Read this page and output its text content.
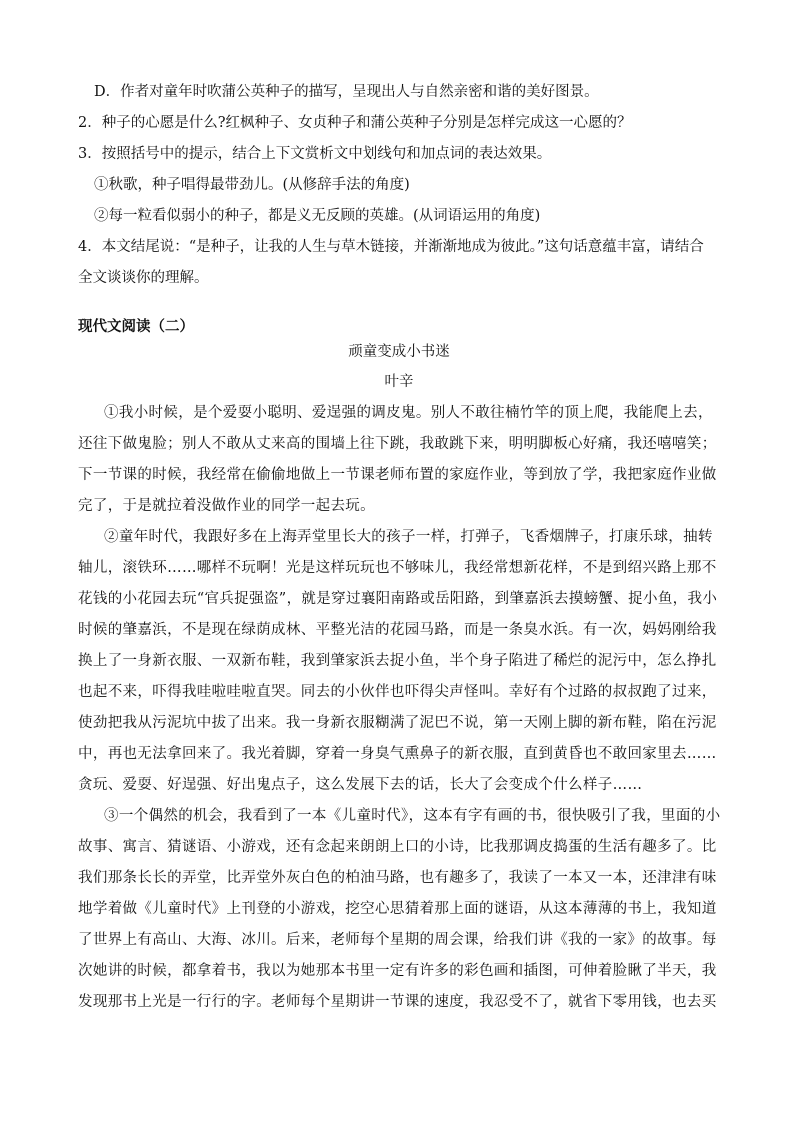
D．作者对童年时吹蒲公英种子的描写，呈现出人与自然亲密和谐的美好图景。
2．种子的心愿是什么?红枫种子、女贞种子和蒲公英种子分别是怎样完成这一心愿的？
3．按照括号中的提示，结合上下文赏析文中划线句和加点词的表达效果。
①秋歌，种子唱得最带劲儿。(从修辞手法的角度)
②每一粒看似弱小的种子，都是义无反顾的英雄。(从词语运用的角度)
4．本文结尾说：“是种子，让我的人生与草木链接，并渐渐地成为彼此。”这句话意蕴丰富，请结合
全文谈谈你的理解。
现代文阅读（二）
顽童变成小书迷
叶辛
①我小时候，是个爱耍小聪明、爱逞强的调皮鬼。别人不敢往楠竹竿的顶上爬，我能爬上去，
还往下做鬼脸；别人不敢从丈来高的围墙上往下跳，我敢跳下来，明明脚板心好痛，我还嘻嘻笑；
下一节课的时候，我经常在偷偷地做上一节课老师布置的家庭作业，等到放了学，我把家庭作业做
完了，于是就拉着没做作业的同学一起去玩。
②童年时代，我跟好多在上海弄堂里长大的孩子一样，打弹子，飞香烟牌子，打康乐球，抽转
轴儿，滚铁环……哪样不玩啊！光是这样玩玩也不够味儿，我经常想新花样，不是到绍兴路上那不
花钱的小花园去玩“官兵捉强盗”，就是穿过襄阳南路或岳阳路，到肇嘉浜去摸螃蟹、捉小鱼，我小
时候的肇嘉浜，不是现在绿荫成林、平整光洁的花园马路，而是一条臭水浜。有一次，妈妈刚给我
换上了一身新衣服、一双新布鞋，我到肇家浜去捉小鱼，半个身子陷进了稀烂的泥污中，怎么挣扎
也起不来，吓得我哇啦哇啦直哭。同去的小伙伴也吓得尖声怪叫。幸好有个过路的叔叔跑了过来，
使劲把我从污泥坑中拔了出来。我一身新衣服糊满了泥巴不说，第一天刚上脚的新布鞋，陷在污泥
中，再也无法拿回来了。我光着脚，穿着一身臭气熏鼻子的新衣服，直到黄昏也不敢回家里去……
贪玩、爱耍、好逞强、好出鬼点子，这么发展下去的话，长大了会变成个什么样子……
③一个偶然的机会，我看到了一本《儿童时代》，这本有字有画的书，很快吸引了我，里面的小
故事、寓言、猜谜语、小游戏，还有念起来朗朗上口的小诗，比我那调皮捣蛋的生活有趣多了。比
我们那条长长的弄堂，比弄堂外灰白色的柏油马路，也有趣多了，我读了一本又一本，还津津有味
地学着做《儿童时代》上刊登的小游戏，挖空心思猜着那上面的谜语，从这本薄薄的书上，我知道
了世界上有高山、大海、冰川。后来，老师每个星期的周会课，给我们讲《我的一家》的故事。每
次她讲的时候，都拿着书，我以为她那本书里一定有许多的彩色画和插图，可伸着脸瞅了半天，我
发现那书上光是一行行的字。老师每个星期讲一节课的速度，我忍受不了，就省下零用钱，也去买
